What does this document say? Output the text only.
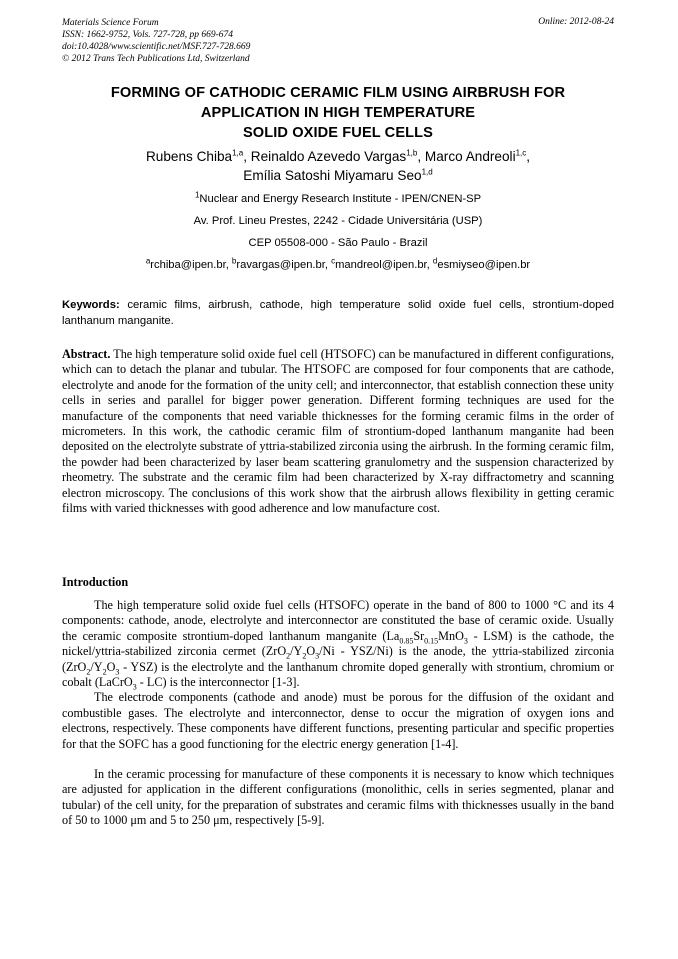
Materials Science Forum
ISSN: 1662-9752, Vols. 727-728, pp 669-674
doi:10.4028/www.scientific.net/MSF.727-728.669
© 2012 Trans Tech Publications Ltd, Switzerland
Online: 2012-08-24
FORMING OF CATHODIC CERAMIC FILM USING AIRBRUSH FOR
APPLICATION IN HIGH TEMPERATURE
SOLID OXIDE FUEL CELLS
Rubens Chiba$^{1,a}$, Reinaldo Azevedo Vargas$^{1,b}$, Marco Andreoli$^{1,c}$,
Emília Satoshi Miyamaru Seo$^{1,d}$
$^1$Nuclear and Energy Research Institute - IPEN/CNEN-SP
Av. Prof. Lineu Prestes, 2242 - Cidade Universitária (USP)
CEP 05508-000 - São Paulo - Brazil
$^a$rchiba@ipen.br, $^b$ravargas@ipen.br, $^c$mandreol@ipen.br, $^d$esmiyseo@ipen.br
Keywords: ceramic films, airbrush, cathode, high temperature solid oxide fuel cells, strontium-doped lanthanum manganite.

Abstract. The high temperature solid oxide fuel cell (HTSOFC) can be manufactured in different configurations, which can to detach the planar and tubular. The HTSOFC are composed for four components that are cathode, electrolyte and anode for the formation of the unity cell; and interconnector, that establish connection these unity cells in series and parallel for bigger power generation. Different forming techniques are used for the manufacture of the components that need variable thicknesses for the forming ceramic films in the order of micrometers. In this work, the cathodic ceramic film of strontium-doped lanthanum manganite had been deposited on the electrolyte substrate of yttria-stabilized zirconia using the airbrush. In the forming ceramic film, the powder had been characterized by laser beam scattering granulometry and the suspension characterized by rheometry. The substrate and the ceramic film had been characterized by X-ray diffractometry and scanning electron microscopy. The conclusions of this work show that the airbrush allows flexibility in getting ceramic films with varied thicknesses with good adherence and low manufacture cost.

Introduction

The high temperature solid oxide fuel cells (HTSOFC) operate in the band of 800 to 1000 °C and its 4 components: cathode, anode, electrolyte and interconnector are constituted the base of ceramic oxide. Usually the ceramic composite strontium-doped lanthanum manganite $(La_{0.85}Sr_{0.15}MnO_3 - LSM)$ is the cathode, the nickel/yttria-stabilized zirconia cermet $(ZrO_2/Y_2O_3/Ni - YSZ/Ni)$ is the anode, the yttria-stabilized zirconia $(ZrO_2/Y_2O_3 - YSZ)$ is the electrolyte and the lanthanum chromite doped generally with strontium, chromium or cobalt (LaCrO$_3$ - LC) is the interconnector [1-3].

The electrode components (cathode and anode) must be porous for the diffusion of the oxidant and combustible gases. The electrolyte and interconnector, dense to occur the migration of oxygen ions and electrons, respectively. These components have different functions, presenting particular and specific properties for that the SOFC has a good functioning for the electric energy generation [1-4].

In the ceramic processing for manufacture of these components it is necessary to know which techniques are adjusted for application in the different configurations (monolithic, cells in series segmented, planar and tubular) of the cell unity, for the preparation of substrates and ceramic films with thicknesses usually in the band of 50 to 1000 μm and 5 to 250 μm, respectively [5-9].
